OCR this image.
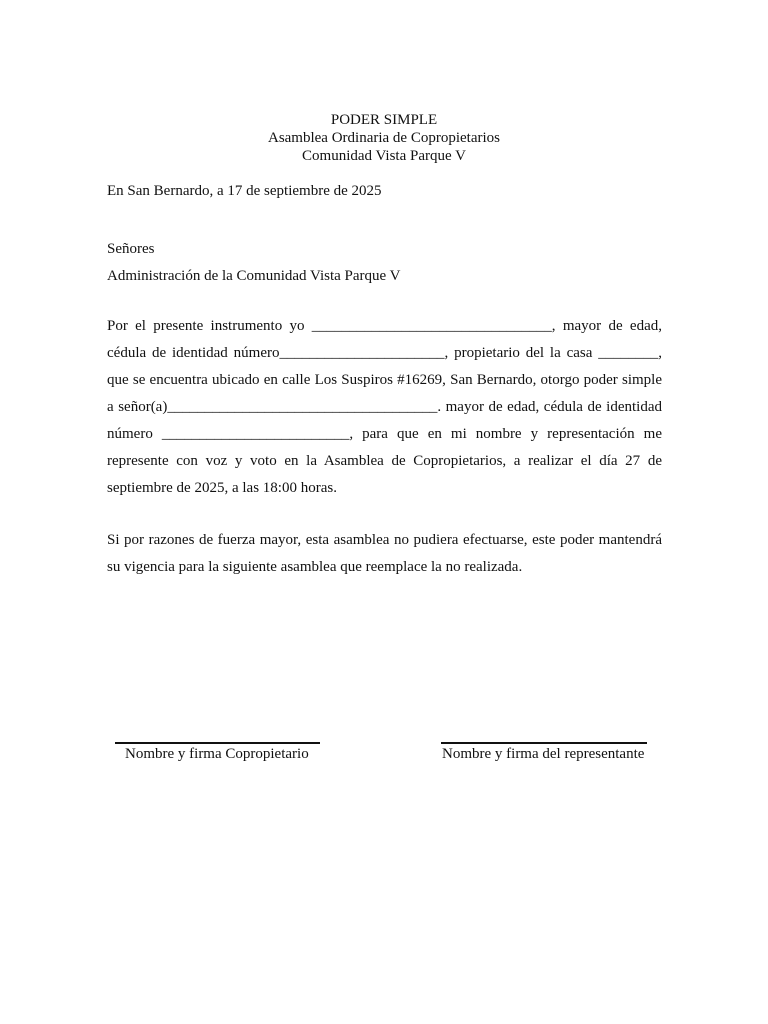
PODER SIMPLE
Asamblea Ordinaria de Copropietarios
Comunidad Vista Parque V
En San Bernardo, a 17 de septiembre de 2025
Señores
Administración de la Comunidad Vista Parque V

Por el presente instrumento yo ________________________________, mayor de edad, cédula de identidad número______________________, propietario del la casa ________, que se encuentra ubicado en calle Los Suspiros #16269, San Bernardo, otorgo poder simple a señor(a)____________________________________. mayor de edad, cédula de identidad número _________________________, para que en mi nombre y representación me represente con voz y voto en la Asamblea de Copropietarios, a realizar el día 27 de septiembre de 2025, a las 18:00 horas.

Si por razones de fuerza mayor, esta asamblea no pudiera efectuarse, este poder mantendrá su vigencia para la siguiente asamblea que reemplace la no realizada.

Nombre y firma Copropietario	Nombre y firma del representante
